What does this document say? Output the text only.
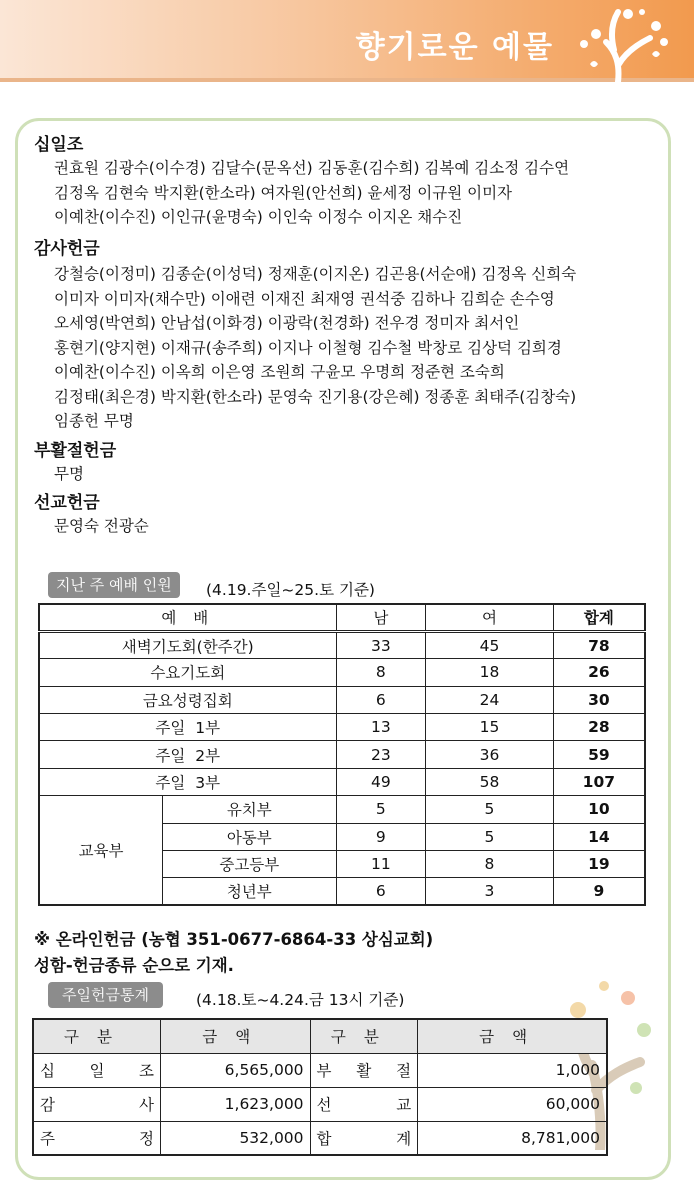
향기로운 예물
십일조
권효원 김광수(이수경) 김달수(문옥선) 김동훈(김수희) 김복예 김소정 김수연
김정옥 김현숙 박지환(한소라) 여자원(안선희) 윤세정 이규원 이미자
이예찬(이수진) 이인규(윤명숙) 이인숙 이정수 이지온 채수진
감사헌금
강철승(이정미) 김종순(이성덕) 정재훈(이지온) 김곤용(서순애) 김정옥 신희숙
이미자 이미자(채수만) 이애련 이재진 최재영 권석중 김하나 김희순 손수영
오세영(박연희) 안남섭(이화경) 이광락(천경화) 전우경 정미자 최서인
홍현기(양지현) 이재규(송주희) 이지나 이철형 김수철 박창로 김상덕 김희경
이예찬(이수진) 이옥희 이은영 조원희 구윤모 우명희 정준현 조숙희
김정태(최은경) 박지환(한소라) 문영숙 진기용(강은혜) 정종훈 최태주(김창숙)
임종헌 무명
부활절헌금
무명
선교헌금
문영숙 전광순
지난 주 예배 인원	(4.19.주일~25.토 기준)
예 배		남	여	합계
새벽기도회(한주간)		33	45	78
수요기도회		8	18	26
금요성령집회		6	24	30
주일  1부		13	15	28
주일  2부		23	36	59
주일  3부		49	58	107
교육부	유치부	5	5	10
	아동부	9	5	14
	중고등부	11	8	19
	청년부	6	3	9
※ 온라인헌금 (농협 351-0677-6864-33 상심교회)
성함-헌금종류 순으로 기재.
주일헌금통계	(4.18.토~4.24.금 13시 기준)
구분	금액	구분	금액

십 일 조	6,565,000	부 활 절	1,000

감 사	1,623,000	선 교	60,000

주 정	532,000	합 계	8,781,000
